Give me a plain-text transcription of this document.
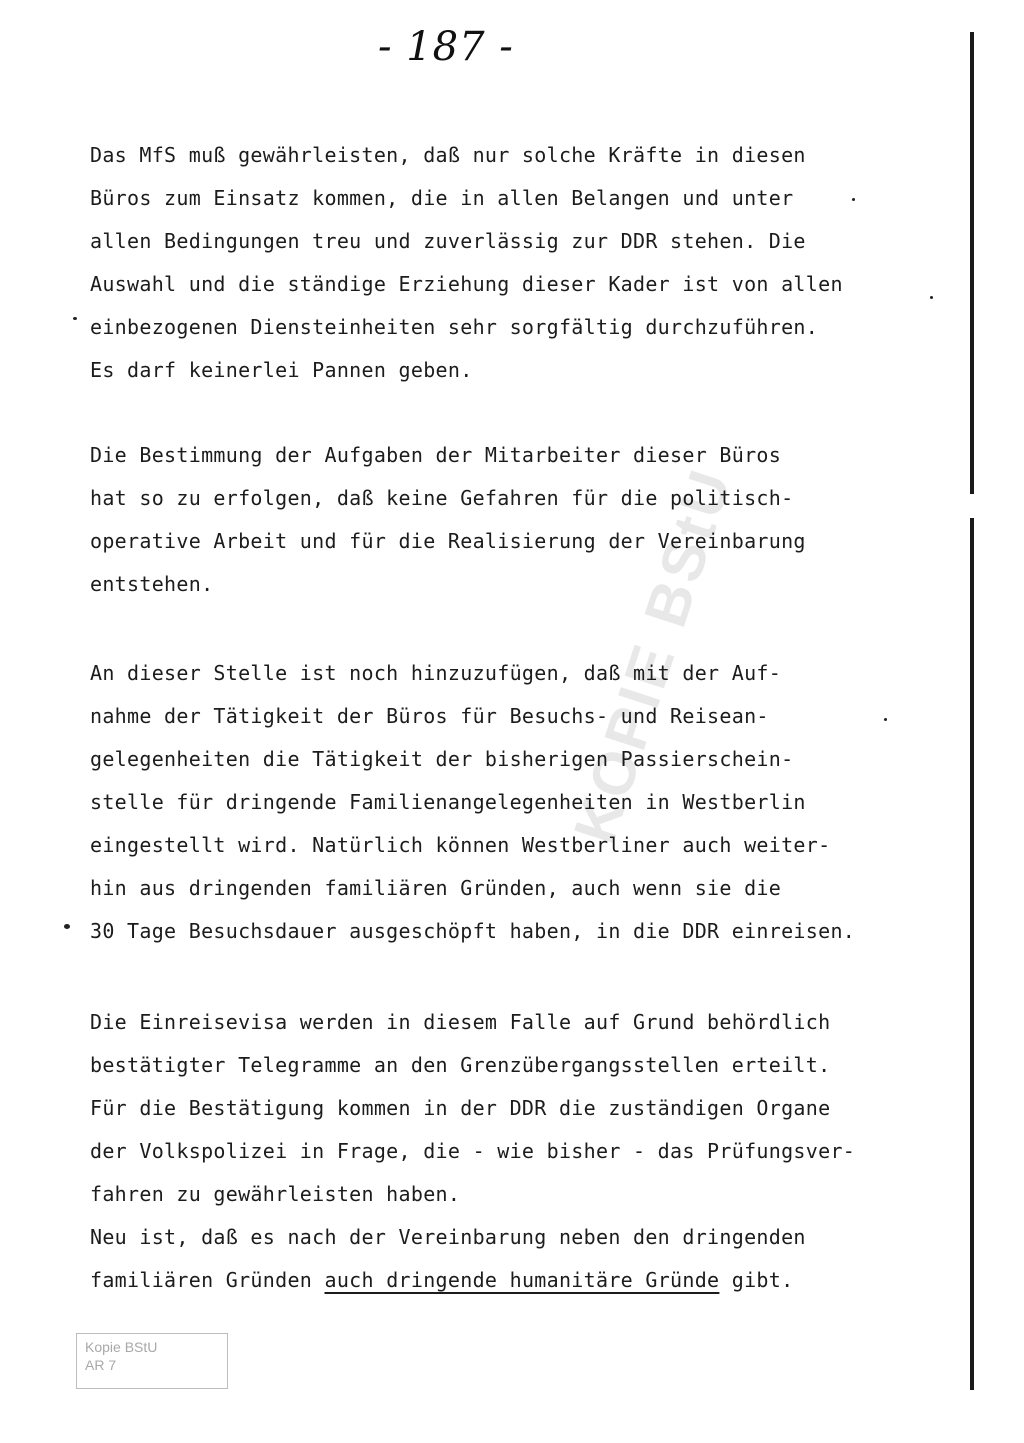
- 187 -
KOPIE BStU
Das MfS muß gewährleisten, daß nur solche Kräfte in diesen
Büros zum Einsatz kommen, die in allen Belangen und unter
allen Bedingungen treu und zuverlässig zur DDR stehen. Die
Auswahl und die ständige Erziehung dieser Kader ist von allen
einbezogenen Diensteinheiten sehr sorgfältig durchzuführen.
Es darf keinerlei Pannen geben.
Die Bestimmung der Aufgaben der Mitarbeiter dieser Büros
hat so zu erfolgen, daß keine Gefahren für die politisch-
operative Arbeit und für die Realisierung der Vereinbarung
entstehen.
An dieser Stelle ist noch hinzuzufügen, daß mit der Auf-
nahme der Tätigkeit der Büros für Besuchs- und Reisean-
gelegenheiten die Tätigkeit der bisherigen Passierschein-
stelle für dringende Familienangelegenheiten in Westberlin
eingestellt wird. Natürlich können Westberliner auch weiter-
hin aus dringenden familiären Gründen, auch wenn sie die
30 Tage Besuchsdauer ausgeschöpft haben, in die DDR einreisen.
Die Einreisevisa werden in diesem Falle auf Grund behördlich
bestätigter Telegramme an den Grenzübergangsstellen erteilt.
Für die Bestätigung kommen in der DDR die zuständigen Organe
der Volkspolizei in Frage, die - wie bisher - das Prüfungsver-
fahren zu gewährleisten haben.
Neu ist, daß es nach der Vereinbarung neben den dringenden
familiären Gründen auch dringende humanitäre Gründe gibt.
Kopie BStU
AR 7
